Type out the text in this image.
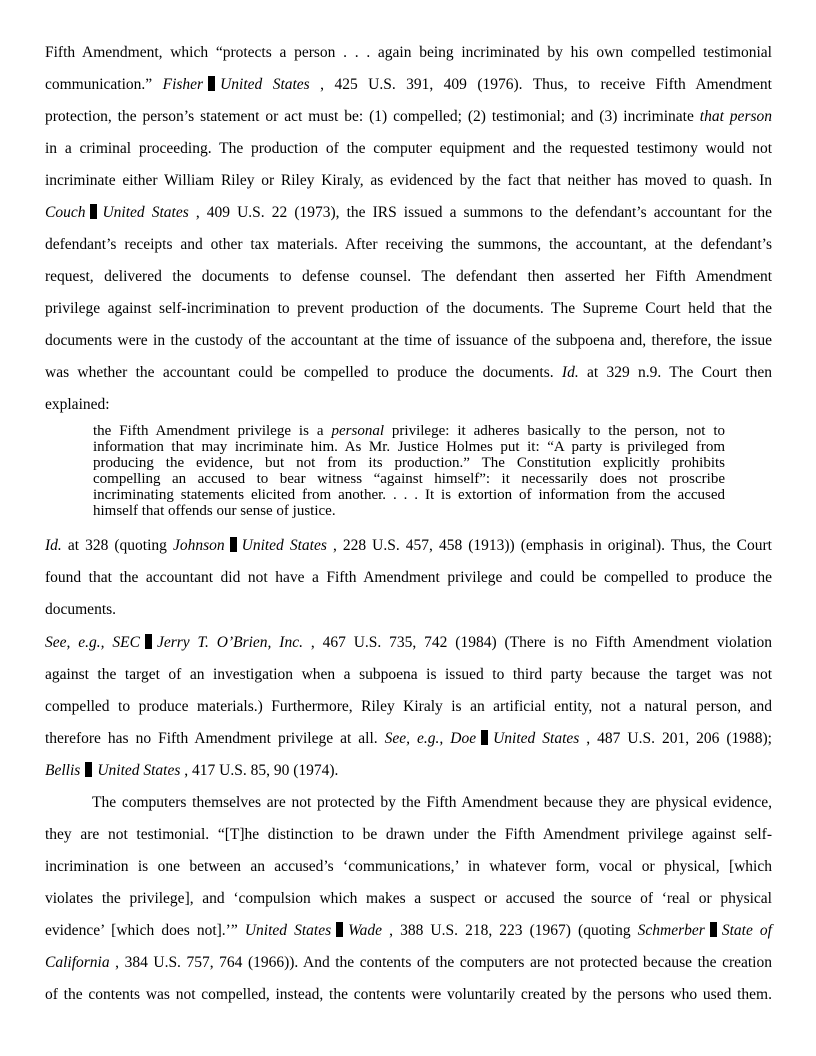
Fifth Amendment, which “protects a person . . . again being incriminated by his own compelled testimonial
communication.” Fisher United States , 425 U.S. 391, 409 (1976). Thus, to receive Fifth Amendment
protection, the person’s statement or act must be: (1) compelled; (2) testimonial; and (3) incriminate that person
in a criminal proceeding. The production of the computer equipment and the requested testimony would not
incriminate either William Riley or Riley Kiraly, as evidenced by the fact that neither has moved to quash. In
Couch United States , 409 U.S. 22 (1973), the IRS issued a summons to the defendant’s accountant for the
defendant’s receipts and other tax materials. After receiving the summons, the accountant, at the defendant’s
request, delivered the documents to defense counsel. The defendant then asserted her Fifth Amendment
privilege against self-incrimination to prevent production of the documents. The Supreme Court held that the
documents were in the custody of the accountant at the time of issuance of the subpoena and, therefore, the issue
was whether the accountant could be compelled to produce the documents. Id. at 329 n.9. The Court then
explained:
the Fifth Amendment privilege is a personal privilege: it adheres basically to the person, not to
information that may incriminate him. As Mr. Justice Holmes put it: “A party is privileged from
producing the evidence, but not from its production.” The Constitution explicitly prohibits
compelling an accused to bear witness “against himself”: it necessarily does not proscribe
incriminating statements elicited from another. . . . It is extortion of information from the accused
himself that offends our sense of justice.
Id. at 328 (quoting Johnson United States , 228 U.S. 457, 458 (1913)) (emphasis in original). Thus, the Court
found that the accountant did not have a Fifth Amendment privilege and could be compelled to produce the
documents.
See, e.g., SEC Jerry T. O’Brien, Inc. , 467 U.S. 735, 742 (1984) (There is no Fifth Amendment violation
against the target of an investigation when a subpoena is issued to third party because the target was not
compelled to produce materials.) Furthermore, Riley Kiraly is an artificial entity, not a natural person, and
therefore has no Fifth Amendment privilege at all. See, e.g., Doe United States , 487 U.S. 201, 206 (1988);
Bellis United States , 417 U.S. 85, 90 (1974).
The computers themselves are not protected by the Fifth Amendment because they are physical evidence,
they are not testimonial. “[T]he distinction to be drawn under the Fifth Amendment privilege against self-
incrimination is one between an accused’s ‘communications,’ in whatever form, vocal or physical, [which
violates the privilege], and ‘compulsion which makes a suspect or accused the source of ‘real or physical
evidence’ [which does not].’” United States Wade , 388 U.S. 218, 223 (1967) (quoting Schmerber State of
California , 384 U.S. 757, 764 (1966)). And the contents of the computers are not protected because the creation
of the contents was not compelled, instead, the contents were voluntarily created by the persons who used them.
